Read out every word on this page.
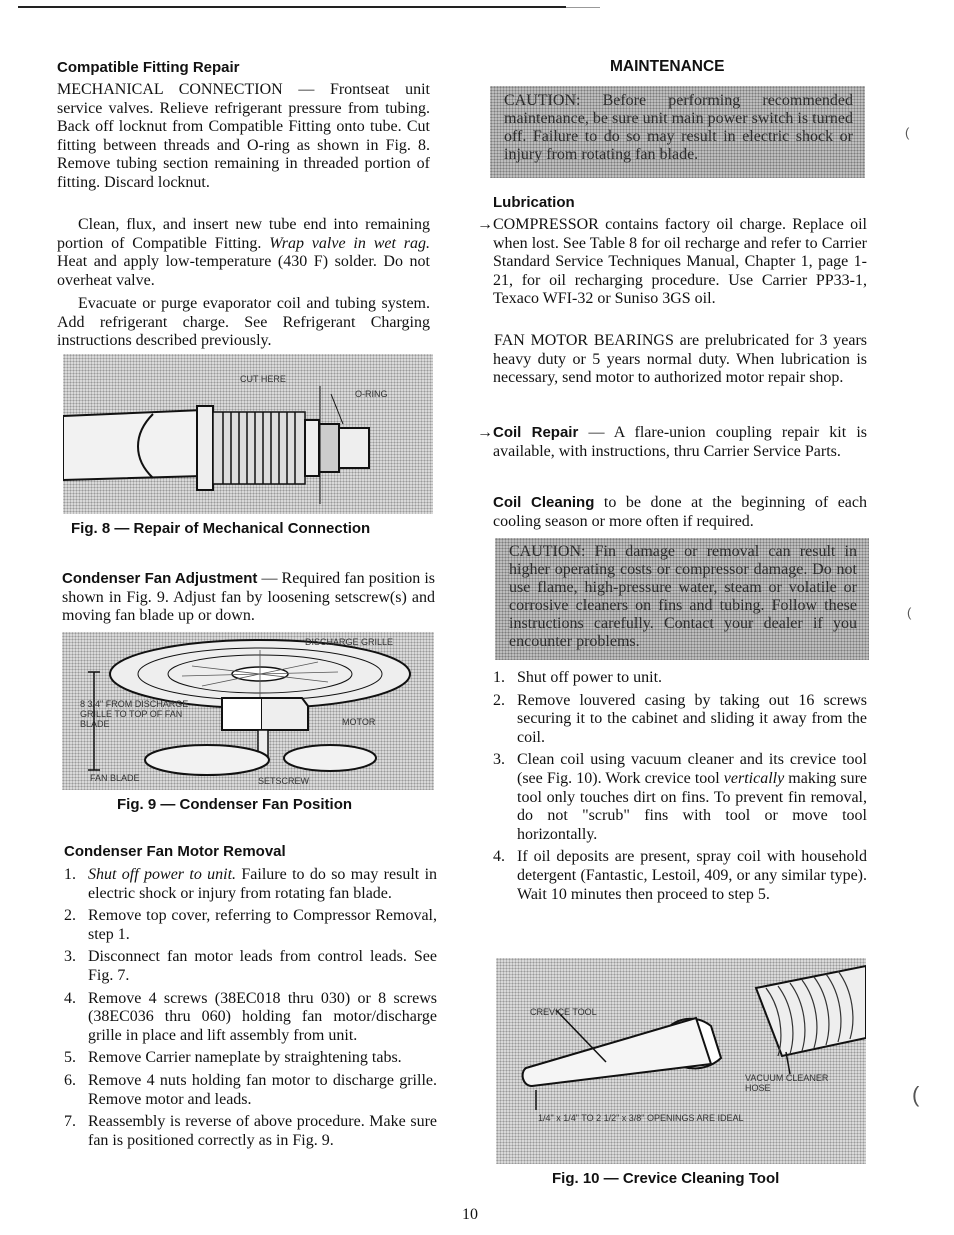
Compatible Fitting Repair

MECHANICAL CONNECTION — Frontseat unit service valves. Relieve refrigerant pressure from tubing. Back off locknut from Compatible Fitting onto tube. Cut fitting between threads and O-ring as shown in Fig. 8. Remove tubing section remaining in threaded portion of fitting. Discard locknut.

Clean, flux, and insert new tube end into remaining portion of Compatible Fitting. Wrap valve in wet rag. Heat and apply low-temperature (430 F) solder. Do not overheat valve.

Evacuate or purge evaporator coil and tubing system. Add refrigerant charge. See Refrigerant Charging instructions described previously.

CUT HERE
O-RING
Fig. 8 — Repair of Mechanical Connection

Condenser Fan Adjustment — Required fan position is shown in Fig. 9. Adjust fan by loosening setscrew(s) and moving fan blade up or down.

DISCHARGE GRILLE
8 3/4" FROM DISCHARGE GRILLE TO TOP OF FAN BLADE	MOTOR
FAN BLADE	SETSCREW
Fig. 9 — Condenser Fan Position
Condenser Fan Motor Removal
1. Shut off power to unit. Failure to do so may result in electric shock or injury from rotating fan blade.
2. Remove top cover, referring to Compressor Removal, step 1.
3. Disconnect fan motor leads from control leads. See Fig. 7.
4. Remove 4 screws (38EC018 thru 030) or 8 screws (38EC036 thru 060) holding fan motor/discharge grille in place and lift assembly from unit.
5. Remove Carrier nameplate by straightening tabs.
6. Remove 4 nuts holding fan motor to discharge grille. Remove motor and leads.
7. Reassembly is reverse of above procedure. Make sure fan is positioned correctly as in Fig. 9.
MAINTENANCE
CAUTION: Before performing recommended maintenance, be sure unit main power switch is turned off. Failure to do so may result in electric shock or injury from rotating fan blade.
(
Lubrication
→ COMPRESSOR contains factory oil charge. Replace oil when lost. See Table 8 for oil recharge and refer to Carrier Standard Service Techniques Manual, Chapter 1, page 1-21, for oil recharging procedure. Use Carrier PP33-1, Texaco WFI-32 or Suniso 3GS oil.

FAN MOTOR BEARINGS are prelubricated for 3 years heavy duty or 5 years normal duty. When lubrication is necessary, send motor to authorized motor repair shop.

→ Coil Repair — A flare-union coupling repair kit is available, with instructions, thru Carrier Service Parts.

Coil Cleaning to be done at the beginning of each cooling season or more often if required.

CAUTION: Fin damage or removal can result in higher operating costs or compressor damage. Do not use flame, high-pressure water, steam or volatile or corrosive cleaners on fins and tubing. Follow these instructions carefully. Contact your dealer if you encounter problems.
(
1. Shut off power to unit.
2. Remove louvered casing by taking out 16 screws securing it to the cabinet and sliding it away from the coil.
3. Clean coil using vacuum cleaner and its crevice tool (see Fig. 10). Work crevice tool vertically making sure tool only touches dirt on fins. To prevent fin removal, do not "scrub" fins with tool or move tool horizontally.
4. If oil deposits are present, spray coil with household detergent (Fantastic, Lestoil, 409, or any similar type). Wait 10 minutes then proceed to step 5.
CREVICE TOOL
VACUUM CLEANER HOSE
1/4" x 1/4" TO 2 1/2" x 3/8" OPENINGS ARE IDEAL
Fig. 10 — Crevice Cleaning Tool
(
10
